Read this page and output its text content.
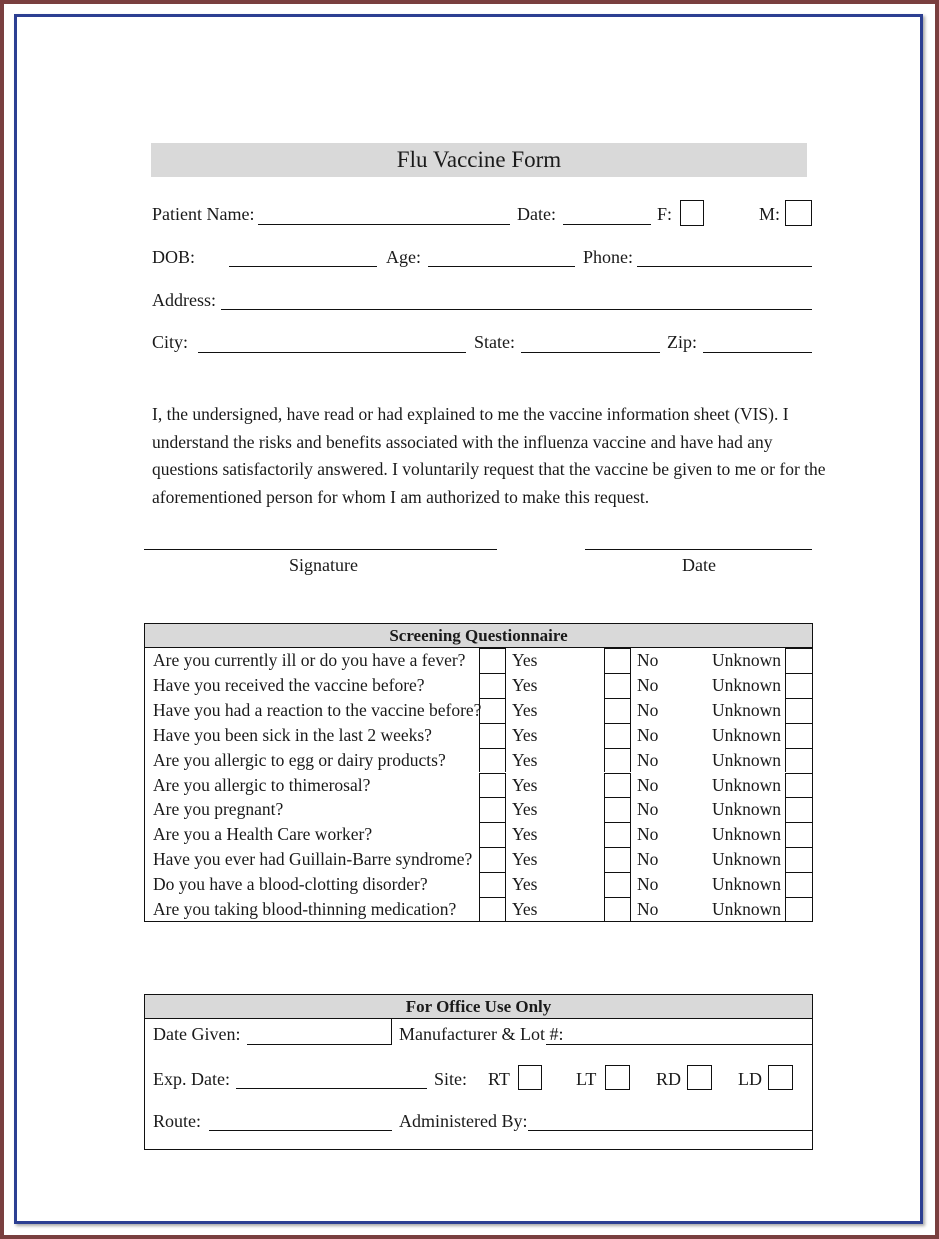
Flu Vaccine Form
Patient Name:	Date:	F:	M:
DOB:	Age:	Phone:
Address:
City:	State:	Zip:
I, the undersigned, have read or had explained to me the vaccine information sheet (VIS). I
understand the risks and benefits associated with the influenza vaccine and have had any
questions satisfactorily answered. I voluntarily request that the vaccine be given to me or for the
aforementioned person for whom I am authorized to make this request.
Signature	Date
Screening Questionnaire
Are you currently ill or do you have a fever?	Yes	No	Unknown
Have you received the vaccine before?	Yes	No	Unknown
Have you had a reaction to the vaccine before? Yes	No	Unknown
Have you been sick in the last 2 weeks?	Yes	No	Unknown
Are you allergic to egg or dairy products?	Yes	No	Unknown
Are you allergic to thimerosal?	Yes	No	Unknown
Are you pregnant?	Yes	No	Unknown
Are you a Health Care worker?	Yes	No	Unknown
Have you ever had Guillain-Barre syndrome? Yes	No	Unknown
Do you have a blood-clotting disorder?	Yes	No	Unknown
Are you taking blood-thinning medication?	Yes	No	Unknown
For Office Use Only
Date Given:	Manufacturer & Lot #:
Exp. Date:	Site: RT	LT	RD	LD
Route:	Administered By:
